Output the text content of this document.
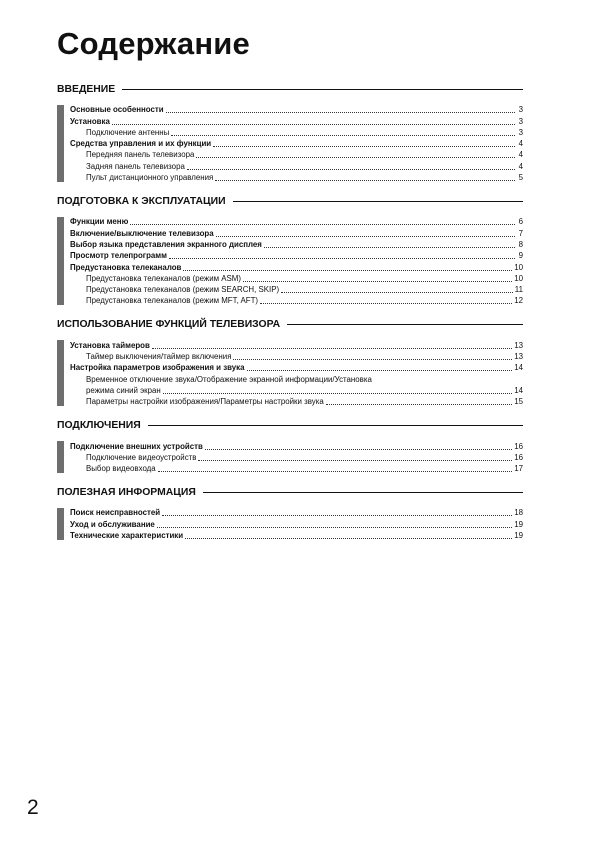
Содержание
ВВЕДЕНИЕ
Основные особенности	3
Установка	3
Подключение антенны	3
Средства управления и их функции	4
Передняя панель телевизора	4
Задняя панель телевизора	4
Пульт дистанционного управления	5
ПОДГОТОВКА К ЭКСПЛУАТАЦИИ
Функции меню	6
Включение/выключение телевизора	7
Выбор языка представления экранного дисплея	8
Просмотр телепрограмм	9
Предустановка телеканалов	10
Предустановка телеканалов (режим ASM)	10
Предустановка телеканалов (режим SEARCH, SKIP)	11
Предустановка телеканалов (режим MFT, AFT)	12
ИСПОЛЬЗОВАНИЕ ФУНКЦИЙ ТЕЛЕВИЗОРА
Установка таймеров	13
Таймер выключения/таймер включения	13
Настройка параметров изображения и звука	14
Временное отключение звука/Отображение экранной информации/Установка
режима синий экран	14
Параметры настройки изображения/Параметры настройки звука	15
ПОДКЛЮЧЕНИЯ
Подключение внешних устройств	16
Подключение видеоустройств	16
Выбор видеовхода	17
ПОЛЕЗНАЯ ИНФОРМАЦИЯ
Поиск неисправностей	18
Уход и обслуживание	19
Технические характеристики	19
2
